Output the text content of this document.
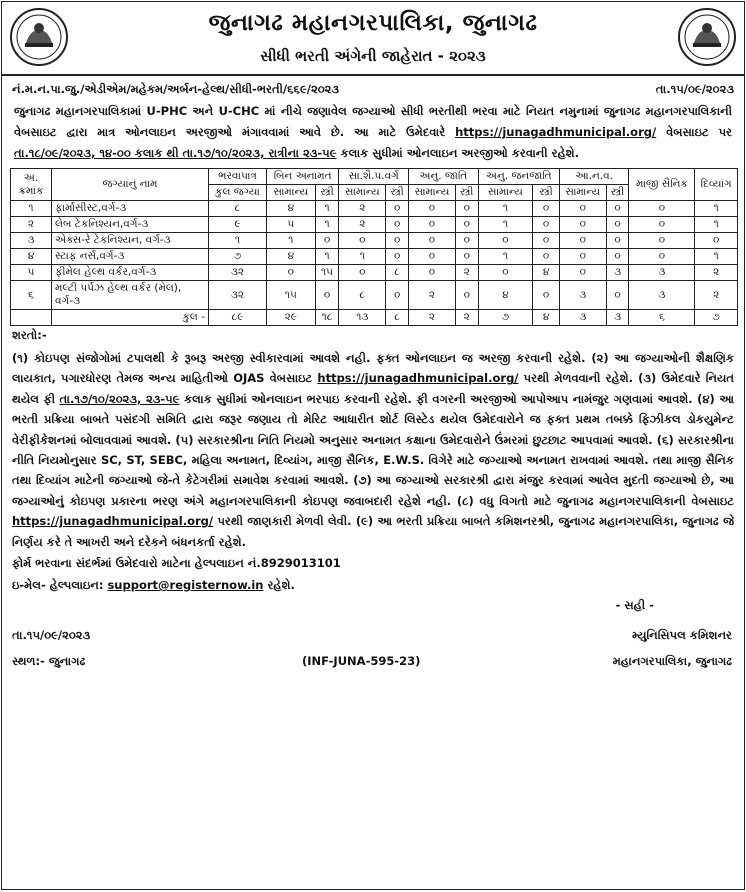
જુનાગઢ મહાનગરપાલિકા, જુનાગઢ
સીધી ભરતી અંગેની જાહેરાત - ૨૦૨૩
નં.મ.ન.પા.જુ./એડીએમ/મહેકમ/અર્બન-હેલ્થ/સીધી-ભરતી/૬૬૯/૨૦૨૩	તા.૧૫/૦૯/૨૦૨૩
જુનાગઢ મહાનગરપાલિકામાં U-PHC અને U-CHC માં નીચે જણાવેલ જગ્યાઓ સીધી ભરતીથી ભરવા માટે નિયત નમુનામાં જુનાગઢ મહાનગરપાલિકાની વેબસાઇટ દ્વારા માત્ર ઓનલાઇન અરજીઓ મંગાવવામાં આવે છે. આ માટે ઉમેદવારે https://junagadhmunicipal.org/ વેબસાઇટ પર તા.૧૮/૦૯/૨૦૨૩, ૧૪-૦૦ કલાક થી તા.૧૭/૧૦/૨૦૨૩, રાત્રીના ૨૩-૫૯ કલાક સુધીમાં ઓનલાઇન અરજીઓ કરવાની રહેશે.
અ. ક્રમાંક	જગ્યાનું નામ	ભરવાપાત્ર	બિન અનામત		સા.શૈ.પ.વર્ગ		અનુ. જાતિ		અનુ. જનજાતિ		આ.ન.વ.		માજી સૈનિક	દિવ્યાંગ
		કુલ જગ્યા	સામાન્ય	સ્ત્રી	સામાન્ય	સ્ત્રી	સામાન્ય	સ્ત્રી	સામાન્ય	સ્ત્રી	સામાન્ય	સ્ત્રી		
૧	ફાર્માસીસ્ટ,વર્ગ-૩	૮	૪	૧	૨	૦	૦	૦	૧	૦	૦	૦	૦	૧
૨	લેબ ટેકનિશ્યન,વર્ગ-૩	૯	૫	૧	૨	૦	૦	૦	૧	૦	૦	૦	૦	૧
૩	એક્સ-રે ટેકનિશ્યન, વર્ગ-૩	૧	૧	૦	૦	૦	૦	૦	૦	૦	૦	૦	૦	૦
૪	સ્ટાફ નર્સ,વર્ગ-૩	૭	૪	૧	૧	૦	૦	૦	૧	૦	૦	૦	૦	૧
૫	ફીમેલ હેલ્થ વર્કર,વર્ગ-૩	૩૨	૦	૧૫	૦	૮	૦	૨	૦	૪	૦	૩	૩	૨
૬	મલ્ટી પર્પઝ હેલ્થ વર્કર (મેલ), વર્ગ-૩	૩૨	૧૫	૦	૮	૦	૨	૦	૪	૦	૩	૦	૩	૨
	કુલ -	૮૯	૨૯	૧૮	૧૩	૮	૨	૨	૭	૪	૩	૩	૬	૭
શરતો:-
(૧) કોઇપણ સંજોગોમાં ટપાલથી કે રૂબરૂ અરજી સ્વીકારવામાં આવશે નહી. ફક્ત ઓનલાઇન જ અરજી કરવાની રહેશે. (૨) આ જગ્યાઓની શૈક્ષણિક લાયકાત, પગારધોરણ તેમજ અન્ય માહિતીઓ OJAS વેબસાઇટ https://junagadhmunicipal.org/ પરથી મેળવવાની રહેશે. (૩) ઉમેદવારે નિયત થયેલ ફી તા.૧૭/૧૦/૨૦૨૩, ૨૩-૫૯ કલાક સુધીમાં ઓનલાઇન ભરપાઇ કરવાની રહેશે. ફી વગરની અરજીઓ આપોઆપ નામંજુર ગણવામાં આવશે. (૪) આ ભરતી પ્રક્રિયા બાબતે પસંદગી સમિતિ દ્વારા જરૂર જણાય તો મેરિટ આધારીત શોર્ટ લિસ્ટેડ થયેલ ઉમેદવારોને જ ફક્ત પ્રથમ તબક્કે ફિઝીકલ ડોકયુમેન્ટ વેરીફીકેશનમાં બોલાવવામાં આવશે. (૫) સરકારશ્રીના નિતિ નિયમો અનુસાર અનામત કક્ષાના ઉમેદવારોને ઉંમરમાં છુટછાટ આપવામાં આવશે. (૬) સરકારશ્રીના નીતિ નિયમોનુસાર SC, ST, SEBC, મહિલા અનામત, દિવ્યાંગ, માજી સૈનિક, E.W.S. વિગેરે માટે જગ્યાઓ અનામત રાખવામાં આવશે. તથા માજી સૈનિક તથા દિવ્યાંગ માટેની જગ્યાઓ જે-તે કેટેગરીમાં સમાવેશ કરવામાં આવશે. (૭) આ જગ્યાઓ સરકારશ્રી દ્વારા મંજુર કરવામાં આવેલ મુદતી જગ્યાઓ છે, આ જગ્યાઓનું કોઇપણ પ્રકારના ભરણ અંગે મહાનગરપાલિકાની કોઇપણ જવાબદારી રહેશે નહી. (૮) વધુ વિગતો માટે જુનાગઢ મહાનગરપાલિકાની વેબસાઇટ https://junagadhmunicipal.org/ પરથી જાણકારી મેળવી લેવી. (૯) આ ભરતી પ્રક્રિયા બાબતે કમિશનરશ્રી, જુનાગઢ મહાનગરપાલિકા, જુનાગઢ જે નિર્ણય કરે તે આખરી અને દરેકને બંધનકર્તા રહેશે.
ફોર્મ ભરવાના સંદર્ભમાં ઉમેદવારો માટેના હેલ્પલાઇન નં.8929013101
ઇ-મેલ- હેલ્પલાઇન: support@registernow.in રહેશે.
તા.૧૫/૦૯/૨૦૨૩
સ્થળ:- જુનાગઢ	(INF-JUNA-595-23)
- સહી -
મ્યુનિસિપલ કમિશનર
મહાનગરપાલિકા, જુનાગઢ
